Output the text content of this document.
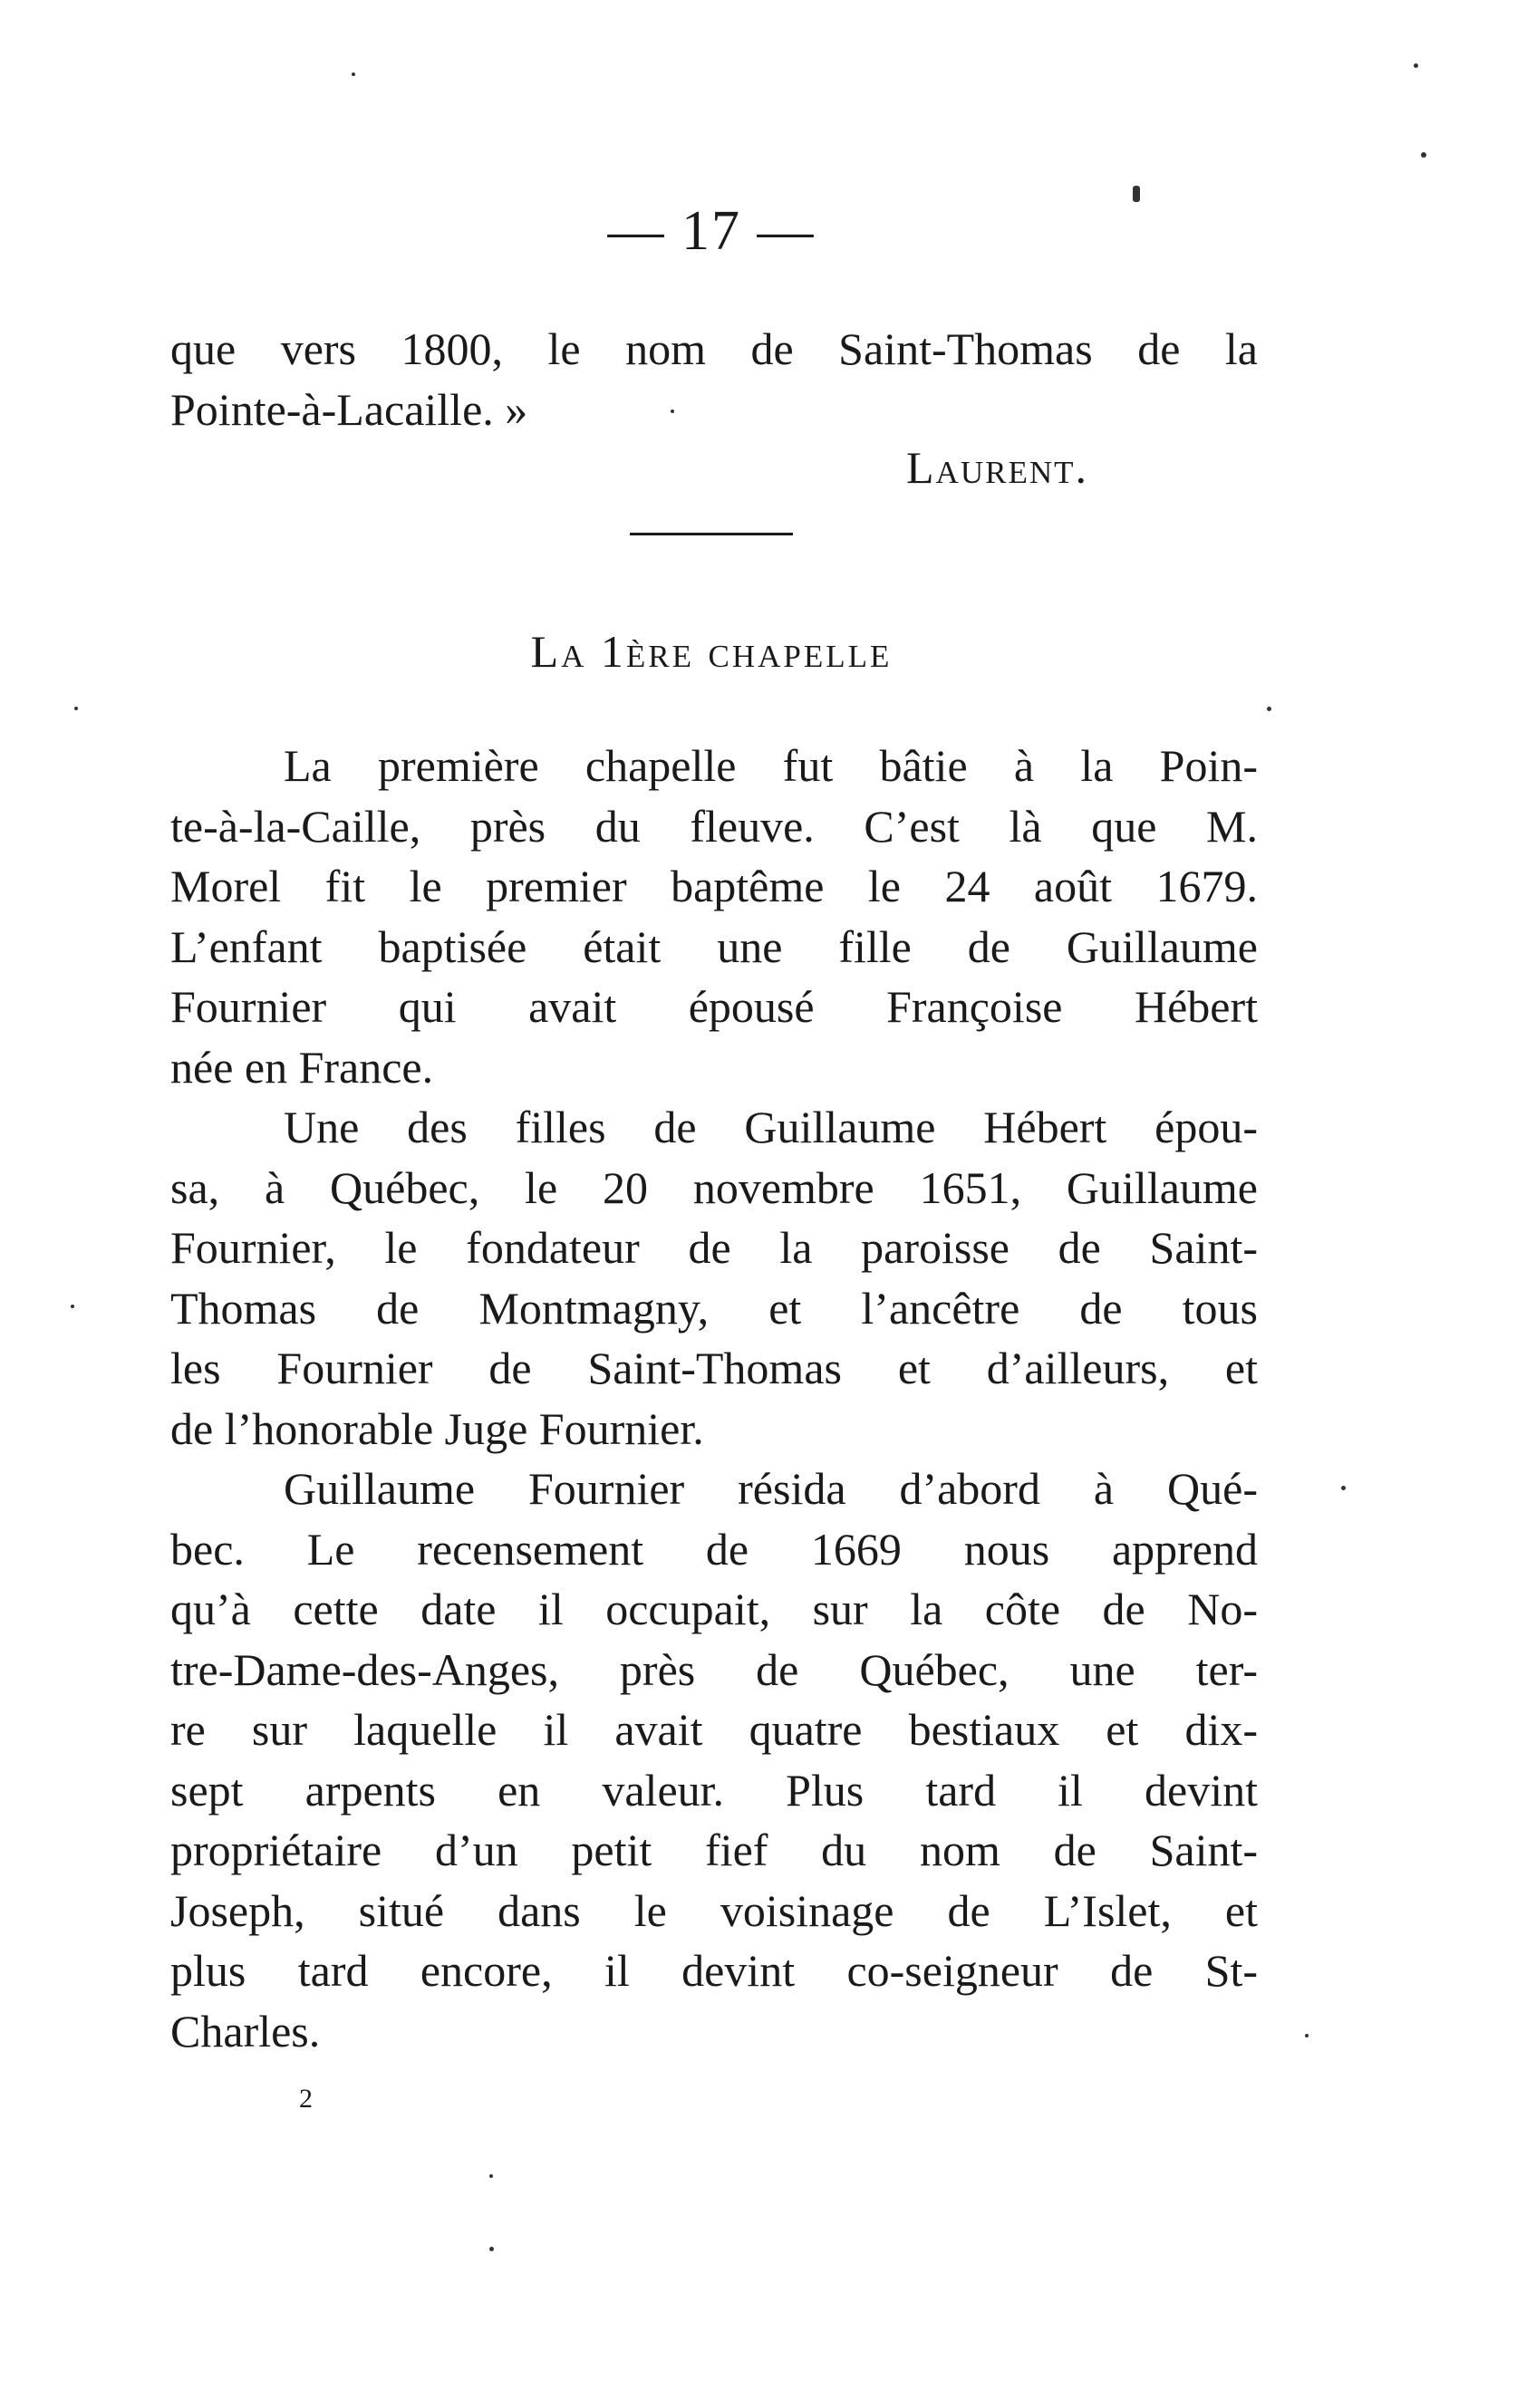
— 17 —
que vers 1800, le nom de Saint-Thomas de la
Pointe-à-Lacaille. »
Laurent.
La 1ère chapelle
La première chapelle fut bâtie à la Poin-
te-à-la-Caille, près du fleuve. C’est là que M.
Morel fit le premier baptême le 24 août 1679.
L’enfant baptisée était une fille de Guillaume
Fournier qui avait épousé Françoise Hébert
née en France.
Une des filles de Guillaume Hébert épou-
sa, à Québec, le 20 novembre 1651, Guillaume
Fournier, le fondateur de la paroisse de Saint-
Thomas de Montmagny, et l’ancêtre de tous
les Fournier de Saint-Thomas et d’ailleurs, et
de l’honorable Juge Fournier.
Guillaume Fournier résida d’abord à Qué-
bec. Le recensement de 1669 nous apprend
qu’à cette date il occupait, sur la côte de No-
tre-Dame-des-Anges, près de Québec, une ter-
re sur laquelle il avait quatre bestiaux et dix-
sept arpents en valeur. Plus tard il devint
propriétaire d’un petit fief du nom de Saint-
Joseph, situé dans le voisinage de L’Islet, et
plus tard encore, il devint co-seigneur de St-
Charles.
2
